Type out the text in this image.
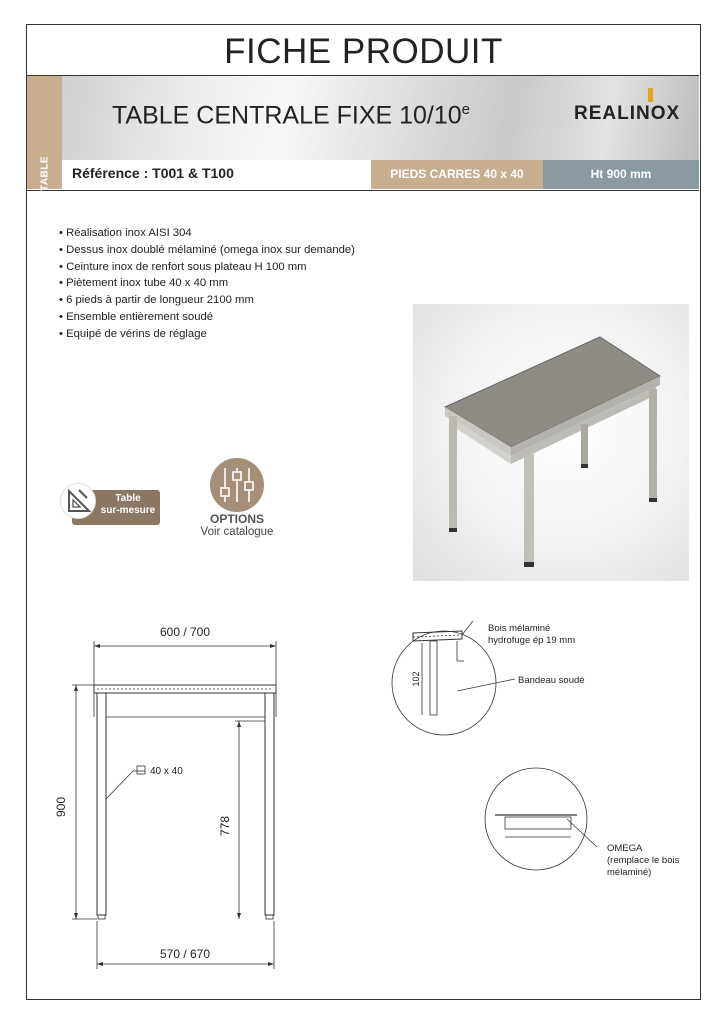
FICHE PRODUIT
TABLE
TABLE CENTRALE FIXE 10/10e	REALINOX
Référence : T001 & T100	PIEDS CARRES 40 x 40	Ht 900 mm
• Réalisation inox AISI 304
• Dessus inox doublé mélaminé (omega inox sur demande)
• Ceinture inox de renfort sous plateau H 100 mm
• Piètement inox tube 40 x 40 mm
• 6 pieds à partir de longueur 2100 mm
• Ensemble entièrement soudé
• Equipé de vérins de réglage
Table
sur-mesure
OPTIONS
Voir catalogue
600 / 700
570 / 670
900
778
40 x 40
102
Bois mélaminé
hydrofuge ép 19 mm
Bandeau soudé
OMEGA
(remplace le bois
mélaminé)
